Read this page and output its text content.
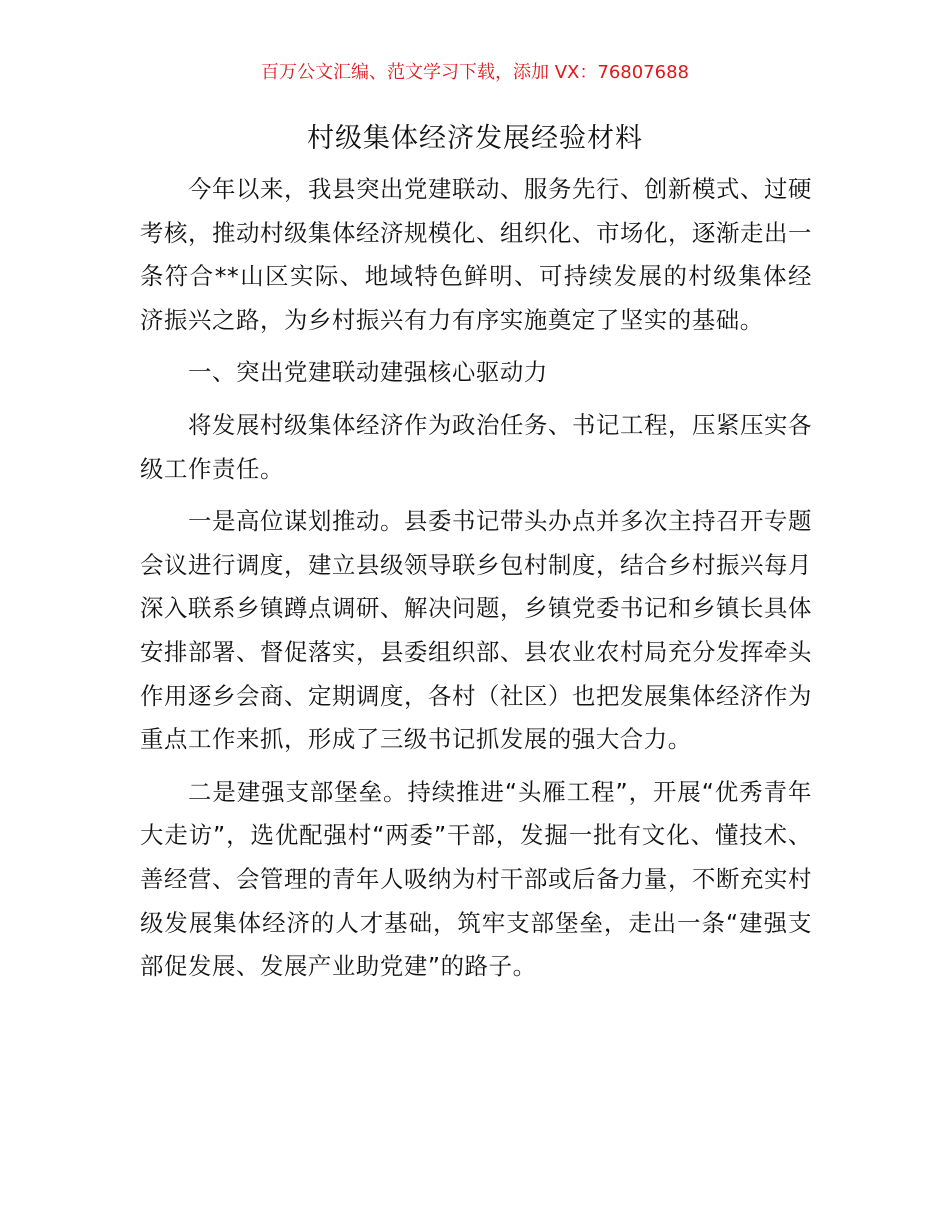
百万公文汇编、范文学习下载，添加 VX：76807688
村级集体经济发展经验材料

今年以来，我县突出党建联动、服务先行、创新模式、过硬考核，推动村级集体经济规模化、组织化、市场化，逐渐走出一条符合**山区实际、地域特色鲜明、可持续发展的村级集体经济振兴之路，为乡村振兴有力有序实施奠定了坚实的基础。

一、突出党建联动建强核心驱动力

将发展村级集体经济作为政治任务、书记工程，压紧压实各级工作责任。

一是高位谋划推动。县委书记带头办点并多次主持召开专题会议进行调度，建立县级领导联乡包村制度，结合乡村振兴每月深入联系乡镇蹲点调研、解决问题，乡镇党委书记和乡镇长具体安排部署、督促落实，县委组织部、县农业农村局充分发挥牵头作用逐乡会商、定期调度，各村（社区）也把发展集体经济作为重点工作来抓，形成了三级书记抓发展的强大合力。

二是建强支部堡垒。持续推进“头雁工程”，开展“优秀青年大走访”，选优配强村“两委”干部，发掘一批有文化、懂技术、善经营、会管理的青年人吸纳为村干部或后备力量，不断充实村级发展集体经济的人才基础，筑牢支部堡垒，走出一条“建强支部促发展、发展产业助党建”的路子。
